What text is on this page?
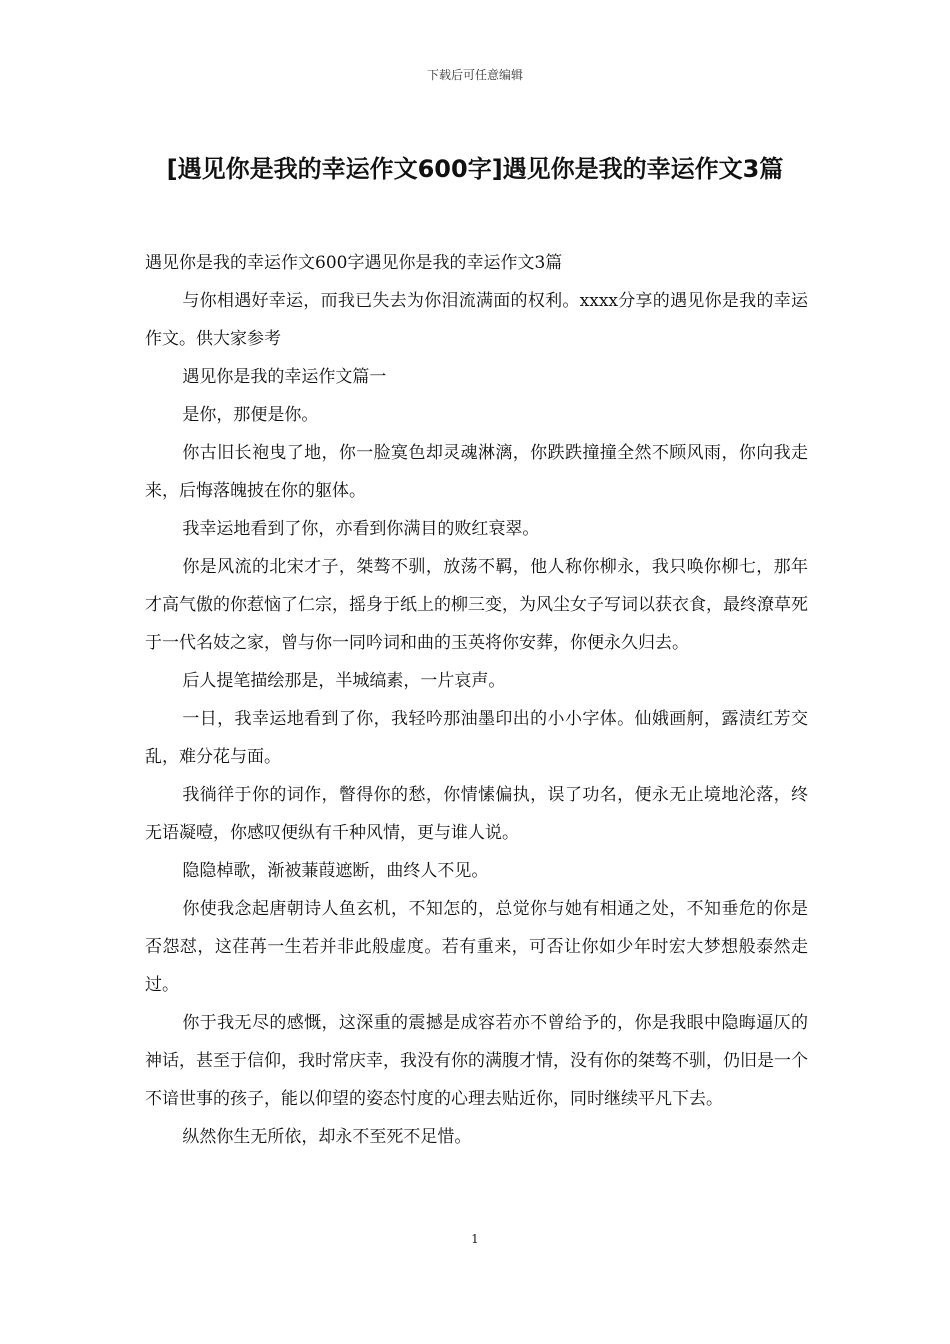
下载后可任意编辑
[遇见你是我的幸运作文600字]遇见你是我的幸运作文3篇

遇见你是我的幸运作文600字遇见你是我的幸运作文3篇

与你相遇好幸运，而我已失去为你泪流满面的权利。xxxx分享的遇见你是我的幸运作文。供大家参考

遇见你是我的幸运作文篇一

是你，那便是你。

你古旧长袍曳了地，你一脸寞色却灵魂淋漓，你跌跌撞撞全然不顾风雨，你向我走来，后悔落魄披在你的躯体。

我幸运地看到了你，亦看到你满目的败红衰翠。

你是风流的北宋才子，桀骜不驯，放荡不羁，他人称你柳永，我只唤你柳七，那年才高气傲的你惹恼了仁宗，摇身于纸上的柳三变，为风尘女子写词以获衣食，最终潦草死于一代名妓之家，曾与你一同吟词和曲的玉英将你安葬，你便永久归去。

后人提笔描绘那是，半城缟素，一片哀声。

一日，我幸运地看到了你，我轻吟那油墨印出的小小字体。仙娥画舸，露渍红芳交乱，难分花与面。

我徜徉于你的词作，瞥得你的愁，你情愫偏执，误了功名，便永无止境地沦落，终无语凝噎，你感叹便纵有千种风情，更与谁人说。

隐隐棹歌，渐被蒹葭遮断，曲终人不见。

你使我念起唐朝诗人鱼玄机，不知怎的，总觉你与她有相通之处，不知垂危的你是否怨怼，这荏苒一生若并非此般虚度。若有重来，可否让你如少年时宏大梦想般泰然走过。

你于我无尽的感慨，这深重的震撼是成容若亦不曾给予的，你是我眼中隐晦逼仄的神话，甚至于信仰，我时常庆幸，我没有你的满腹才情，没有你的桀骜不驯，仍旧是一个不谙世事的孩子，能以仰望的姿态忖度的心理去贴近你，同时继续平凡下去。

纵然你生无所依，却永不至死不足惜。

1
